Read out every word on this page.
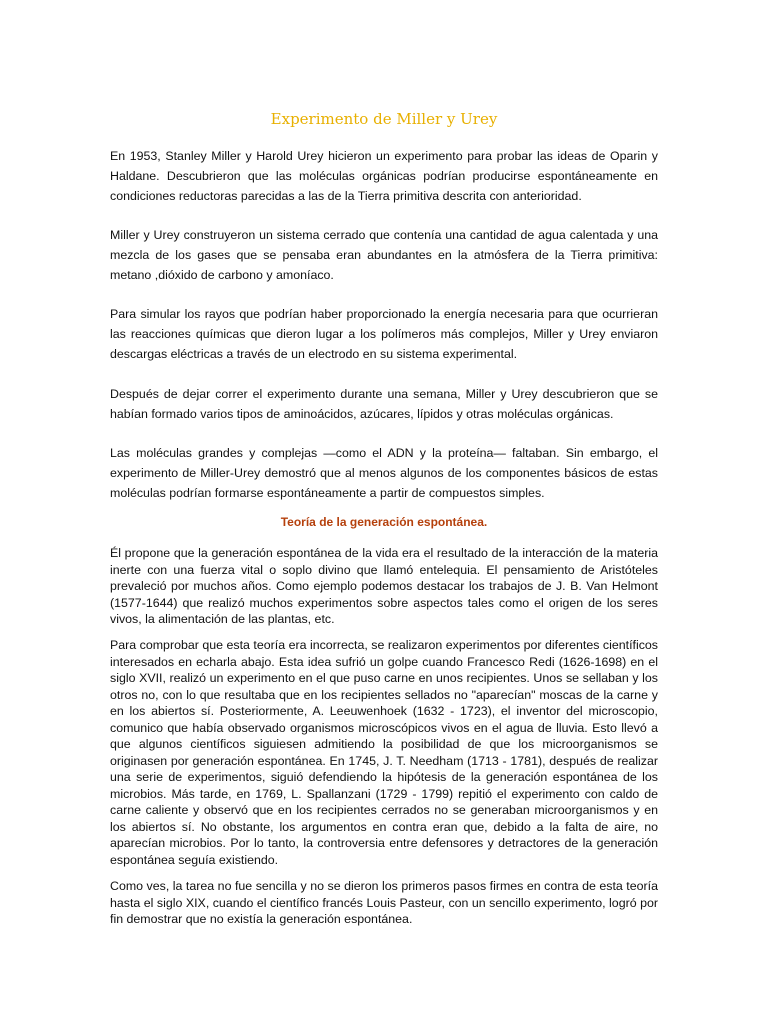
Experimento de Miller y Urey

En 1953, Stanley Miller y Harold Urey hicieron un experimento para probar las ideas de Oparin y Haldane. Descubrieron que las moléculas orgánicas podrían producirse espontáneamente en condiciones reductoras parecidas a las de la Tierra primitiva descrita con anterioridad.

Miller y Urey construyeron un sistema cerrado que contenía una cantidad de agua calentada y una mezcla de los gases que se pensaba eran abundantes en la atmósfera de la Tierra primitiva: metano ,dióxido de carbono y amoníaco.

Para simular los rayos que podrían haber proporcionado la energía necesaria para que ocurrieran las reacciones químicas que dieron lugar a los polímeros más complejos, Miller y Urey enviaron descargas eléctricas a través de un electrodo en su sistema experimental.

Después de dejar correr el experimento durante una semana, Miller y Urey descubrieron que se habían formado varios tipos de aminoácidos, azúcares, lípidos y otras moléculas orgánicas.

Las moléculas grandes y complejas —como el ADN y la proteína— faltaban. Sin embargo, el experimento de Miller-Urey demostró que al menos algunos de los componentes básicos de estas moléculas podrían formarse espontáneamente a partir de compuestos simples.

Teoría de la generación espontánea.

Él propone que la generación espontánea de la vida era el resultado de la interacción de la materia inerte con una fuerza vital o soplo divino que llamó entelequia. El pensamiento de Aristóteles prevaleció por muchos años. Como ejemplo podemos destacar los trabajos de J. B. Van Helmont (1577-1644) que realizó muchos experimentos sobre aspectos tales como el origen de los seres vivos, la alimentación de las plantas, etc.

Para comprobar que esta teoría era incorrecta, se realizaron experimentos por diferentes científicos interesados en echarla abajo. Esta idea sufrió un golpe cuando Francesco Redi (1626-1698) en el siglo XVII, realizó un experimento en el que puso carne en unos recipientes. Unos se sellaban y los otros no, con lo que resultaba que en los recipientes sellados no "aparecían" moscas de la carne y en los abiertos sí. Posteriormente, A. Leeuwenhoek (1632 - 1723), el inventor del microscopio, comunico que había observado organismos microscópicos vivos en el agua de lluvia. Esto llevó a que algunos científicos siguiesen admitiendo la posibilidad de que los microorganismos se originasen por generación espontánea. En 1745, J. T. Needham (1713 - 1781), después de realizar una serie de experimentos, siguió defendiendo la hipótesis de la generación espontánea de los microbios. Más tarde, en 1769, L. Spallanzani (1729 - 1799) repitió el experimento con caldo de carne caliente y observó que en los recipientes cerrados no se generaban microorganismos y en los abiertos sí. No obstante, los argumentos en contra eran que, debido a la falta de aire, no aparecían microbios. Por lo tanto, la controversia entre defensores y detractores de la generación espontánea seguía existiendo.

Como ves, la tarea no fue sencilla y no se dieron los primeros pasos firmes en contra de esta teoría hasta el siglo XIX, cuando el científico francés Louis Pasteur, con un sencillo experimento, logró por fin demostrar que no existía la generación espontánea.
